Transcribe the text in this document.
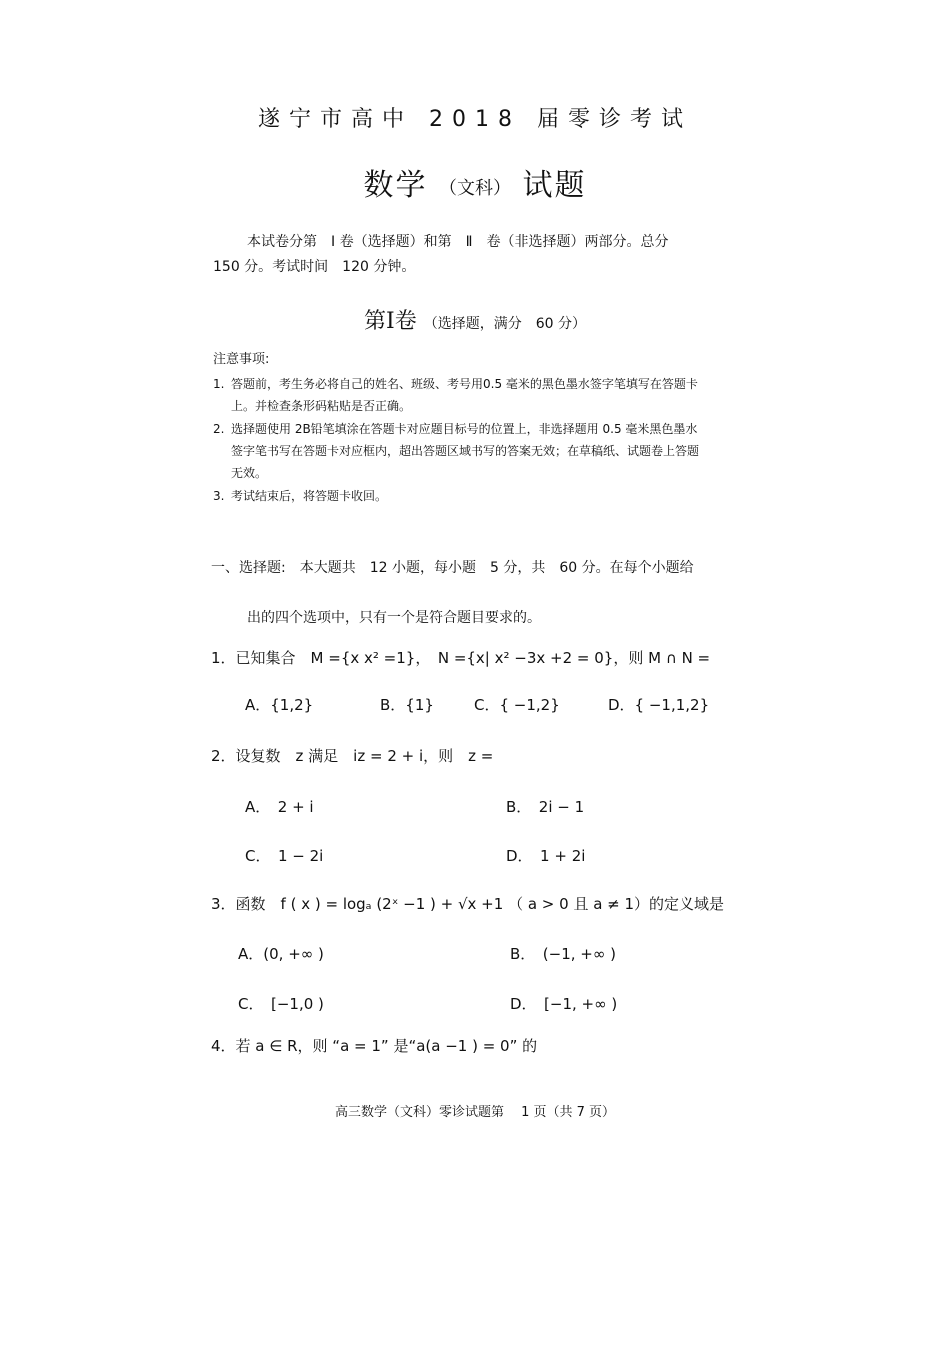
遂宁市高中 2018 届零诊考试
数学 （文科） 试题
本试卷分第　Ⅰ 卷（选择题）和第　Ⅱ　卷（非选择题）两部分。总分
150 分。考试时间　120 分钟。
第Ⅰ卷 （选择题，满分　60 分）
注意事项:
1. 答题前，考生务必将自己的姓名、班级、考号用0.5 毫米的黑色墨水签字笔填写在答题卡
上。并检查条形码粘贴是否正确。
2. 选择题使用 2B铅笔填涂在答题卡对应题目标号的位置上，非选择题用 0.5 毫米黑色墨水
签字笔书写在答题卡对应框内，超出答题区域书写的答案无效；在草稿纸、试题卷上答题
无效。
3. 考试结束后，将答题卡收回。
一、选择题:　本大题共　12 小题，每小题　5 分，共　60 分。在每个小题给
出的四个选项中，只有一个是符合题目要求的。
1．已知集合　M ={x x² =1}，　N ={x| x² −3x +2 = 0}，则 M ∩ N =
A．{1,2}	B．{1}	C．{ −1,2}	D．{ −1,1,2}
2．设复数　z 满足　iz = 2 + i，则　z =
A．　2 + i	B．　2i − 1
C．　1 − 2i	D．　1 + 2i
3．函数　f ( x ) = logₐ (2ˣ −1 ) + √x +1 （ a > 0 且 a ≠ 1）的定义域是
A．(0, +∞ )	B．　(−1, +∞ )
C．　[−1,0 )	D．　[−1, +∞ )
4．若 a ∈ R，则 “a = 1” 是“a(a −1 ) = 0” 的
高三数学（文科）零诊试题第　 1 页（共 7 页）
